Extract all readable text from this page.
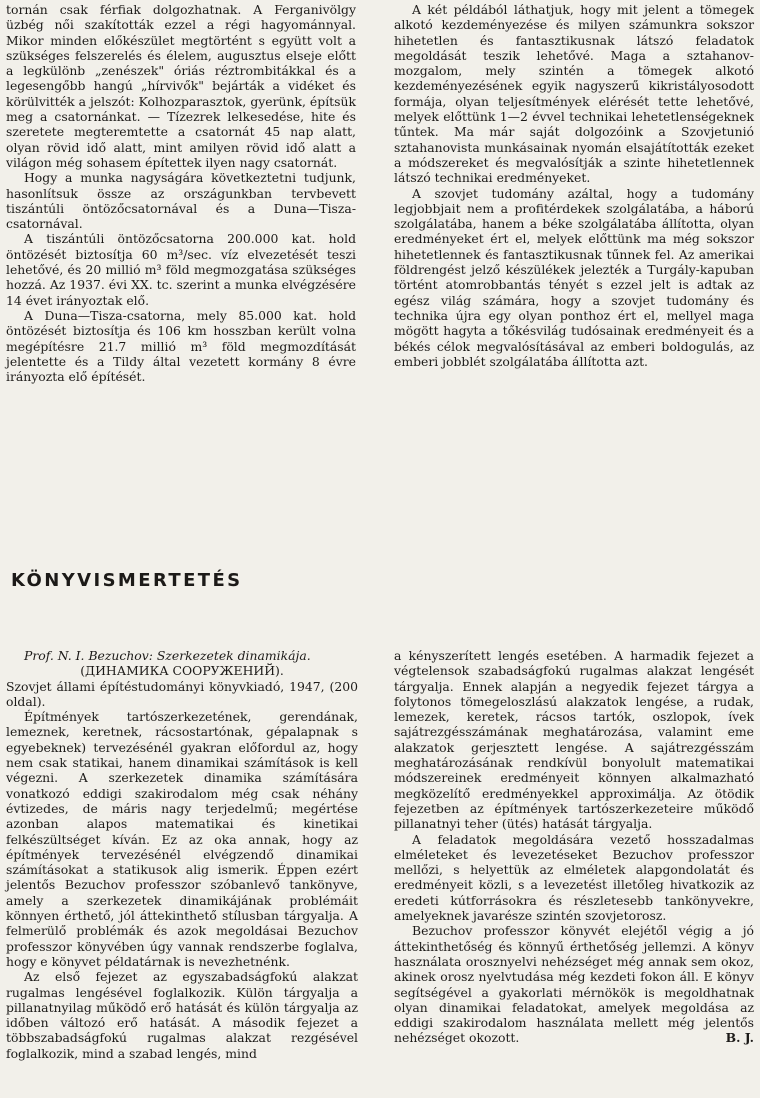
tornán csak férfiak dolgozhatnak. A Ferganivölgy üzbég női szakították ezzel a régi hagyománnyal. Mikor minden előkészület megtörtént s együtt volt a szükséges felszerelés és élelem, augusztus elseje előtt a legkülönb „zenészek" óriás réztrombitákkal és a legesengőbb hangú „hírvivők" bejárták a vidéket és körülvitték a jelszót: Kolhozparasztok, gyerünk, építsük meg a csatornánkat. — Tízezrek lelkesedése, hite és szeretete megteremtette a csatornát 45 nap alatt, olyan rövid idő alatt, mint amilyen rövid idő alatt a világon még sohasem építettek ilyen nagy csatornát.

Hogy a munka nagyságára következtetni tudjunk, hasonlítsuk össze az országunkban tervbevett tiszántúli öntözőcsatornával és a Duna—Tisza-csatornával.

A tiszántúli öntözőcsatorna 200.000 kat. hold öntözését biztosítja 60 m³/sec. víz elvezetését teszi lehetővé, és 20 millió m³ föld megmozgatása szükséges hozzá. Az 1937. évi XX. tc. szerint a munka elvégzésére 14 évet irányoztak elő.

A Duna—Tisza-csatorna, mely 85.000 kat. hold öntözését biztosítja és 106 km hosszban került volna megépítésre 21.7 millió m³ föld megmozdítását jelentette és a Tildy által vezetett kormány 8 évre irányozta elő építését.

A két példából láthatjuk, hogy mit jelent a tömegek alkotó kezdeményezése és milyen számunkra sokszor hihetetlen és fantasztikusnak látszó feladatok megoldását teszik lehetővé. Maga a sztahanov-mozgalom, mely szintén a tömegek alkotó kezdeményezésének egyik nagyszerű kikristályosodott formája, olyan teljesítmények elérését tette lehetővé, melyek előttünk 1—2 évvel technikai lehetetlenségeknek tűntek. Ma már saját dolgozóink a Szovjetunió sztahanovista munkásainak nyomán elsajátították ezeket a módszereket és megvalósítják a szinte hihetetlennek látszó technikai eredményeket.

A szovjet tudomány azáltal, hogy a tudomány legjobbjait nem a profitérdekek szolgálatába, a háború szolgálatába, hanem a béke szolgálatába állította, olyan eredményeket ért el, melyek előttünk ma még sokszor hihetetlennek és fantasztikusnak tűnnek fel. Az amerikai földrengést jelző készülékek jelezték a Turgály-kapuban történt atomrobbantás tényét s ezzel jelt is adtak az egész világ számára, hogy a szovjet tudomány és technika újra egy olyan ponthoz ért el, mellyel maga mögött hagyta a tőkésvilág tudósainak eredményeit és a békés célok megvalósításával az emberi boldogulás, az emberi jobblét szolgálatába állította azt.

KÖNYVISMERTETÉS

Prof. N. I. Bezuchov: Szerkezetek dinamikája.

(ДИНАМИКА СООРУЖЕНИЙ).

Szovjet állami építéstudományi könyvkiadó, 1947, (200 oldal).

Építmények tartószerkezetének, gerendának, lemeznek, keretnek, rácsostartónak, gépalapnak s egyebeknek) tervezésénél gyakran előfordul az, hogy nem csak statikai, hanem dinamikai számítások is kell végezni. A szerkezetek dinamika számítására vonatkozó eddigi szakirodalom még csak néhány évtizedes, de máris nagy terjedelmű; megértése azonban alapos matematikai és kinetikai felkészültséget kíván. Ez az oka annak, hogy az építmények tervezésénél elvégzendő dinamikai számításokat a statikusok alig ismerik. Éppen ezért jelentős Bezuchov professzor szóbanlevő tankönyve, amely a szerkezetek dinamikájának problémáit könnyen érthető, jól áttekinthető stílusban tárgyalja. A felmerülő problémák és azok megoldásai Bezuchov professzor könyvében úgy vannak rendszerbe foglalva, hogy e könyvet példatárnak is nevezhetnénk.

Az első fejezet az egyszabadságfokú alakzat rugalmas lengésével foglalkozik. Külön tárgyalja a pillanatnyilag működő erő hatását és külön tárgyalja az időben változó erő hatását. A második fejezet a többszabadságfokú rugalmas alakzat rezgésével foglalkozik, mind a szabad lengés, mind

a kényszerített lengés esetében. A harmadik fejezet a végtelensok szabadságfokú rugalmas alakzat lengését tárgyalja. Ennek alapján a negyedik fejezet tárgya a folytonos tömegeloszlású alakzatok lengése, a rudak, lemezek, keretek, rácsos tartók, oszlopok, ívek sajátrezgésszámának meghatározása, valamint eme alakzatok gerjesztett lengése. A sajátrezgésszám meghatározásának rendkívül bonyolult matematikai módszereinek eredményeit könnyen alkalmazható megközelítő eredményekkel approximálja. Az ötödik fejezetben az építmények tartószerkezeteire működő pillanatnyi teher (ütés) hatását tárgyalja.

A feladatok megoldására vezető hosszadalmas elméleteket és levezetéseket Bezuchov professzor mellőzi, s helyettük az elméletek alapgondolatát és eredményeit közli, s a levezetést illetőleg hivatkozik az eredeti kútforrásokra és részletesebb tankönyvekre, amelyeknek javarésze szintén szovjetorosz.

Bezuchov professzor könyvét elejétől végig a jó áttekinthetőség és könnyű érthetőség jellemzi. A könyv használata orosznyelvi nehézséget még annak sem okoz, akinek orosz nyelvtudása még kezdeti fokon áll. E könyv segítségével a gyakorlati mérnökök is megoldhatnak olyan dinamikai feladatokat, amelyek megoldása az eddigi szakirodalom használata mellett még jelentős nehézséget okozott.	B. J.
